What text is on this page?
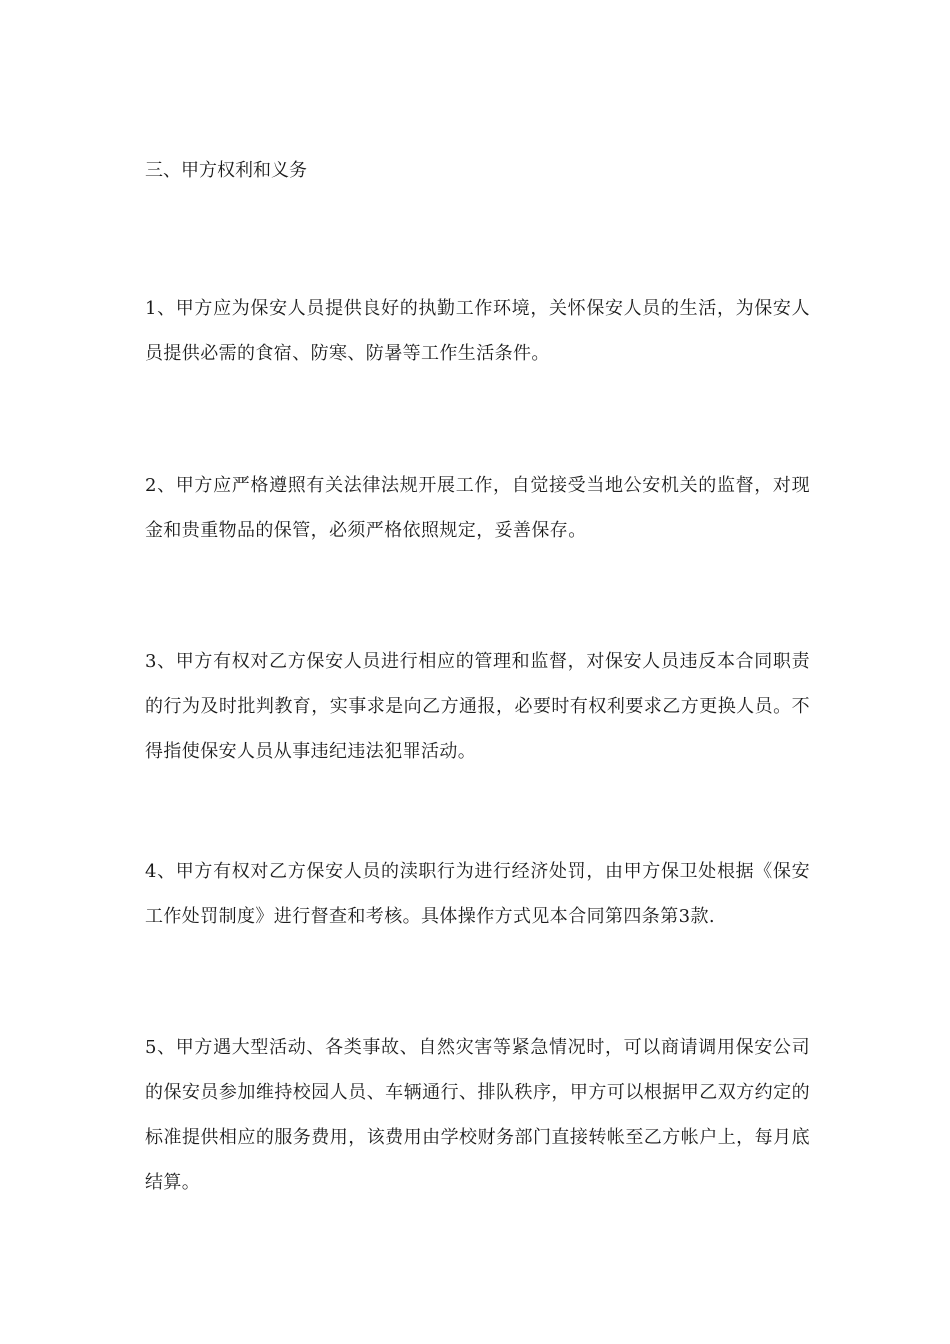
三、甲方权利和义务

1、甲方应为保安人员提供良好的执勤工作环境，关怀保安人员的生活，为保安人员提供必需的食宿、防寒、防暑等工作生活条件。

2、甲方应严格遵照有关法律法规开展工作，自觉接受当地公安机关的监督，对现金和贵重物品的保管，必须严格依照规定，妥善保存。

3、甲方有权对乙方保安人员进行相应的管理和监督，对保安人员违反本合同职责的行为及时批判教育，实事求是向乙方通报，必要时有权利要求乙方更换人员。不得指使保安人员从事违纪违法犯罪活动。

4、甲方有权对乙方保安人员的渎职行为进行经济处罚，由甲方保卫处根据《保安工作处罚制度》进行督查和考核。具体操作方式见本合同第四条第3款.

5、甲方遇大型活动、各类事故、自然灾害等紧急情况时，可以商请调用保安公司的保安员参加维持校园人员、车辆通行、排队秩序，甲方可以根据甲乙双方约定的标准提供相应的服务费用，该费用由学校财务部门直接转帐至乙方帐户上，每月底结算。
